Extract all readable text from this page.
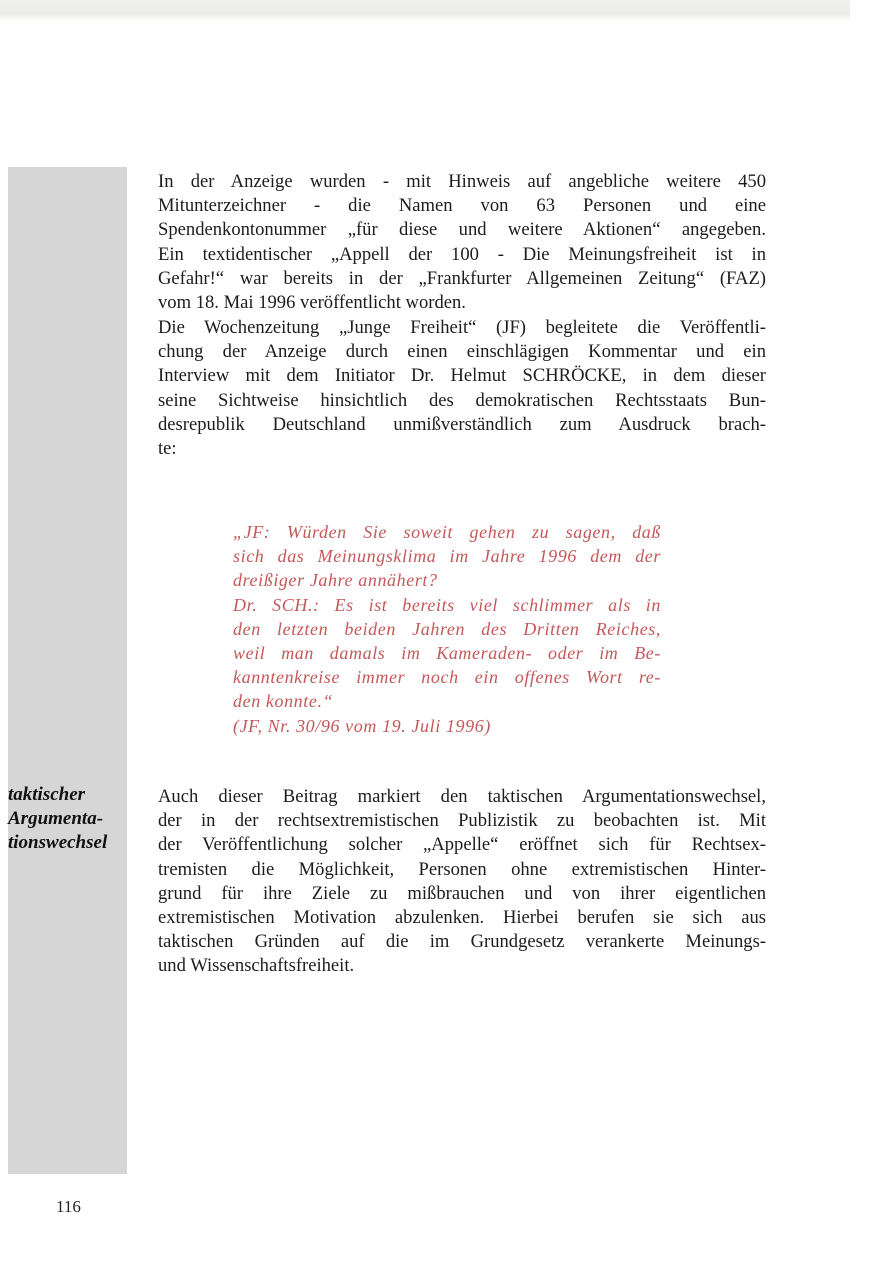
taktischer
Argumenta-
tionswechsel
In der Anzeige wurden - mit Hinweis auf angebliche weitere 450
Mitunterzeichner - die Namen von 63 Personen und eine
Spendenkontonummer „für diese und weitere Aktionen“ angegeben.
Ein textidentischer „Appell der 100 - Die Meinungsfreiheit ist in
Gefahr!“ war bereits in der „Frankfurter Allgemeinen Zeitung“ (FAZ)
vom 18. Mai 1996 veröffentlicht worden.
Die Wochenzeitung „Junge Freiheit“ (JF) begleitete die Veröffentli-
chung der Anzeige durch einen einschlägigen Kommentar und ein
Interview mit dem Initiator Dr. Helmut SCHRÖCKE, in dem dieser
seine Sichtweise hinsichtlich des demokratischen Rechtsstaats Bun-
desrepublik Deutschland unmißverständlich zum Ausdruck brach-
te:
„JF: Würden Sie soweit gehen zu sagen, daß
sich das Meinungsklima im Jahre 1996 dem der
dreißiger Jahre annähert?
Dr. SCH.: Es ist bereits viel schlimmer als in
den letzten beiden Jahren des Dritten Reiches,
weil man damals im Kameraden- oder im Be-
kanntenkreise immer noch ein offenes Wort re-
den konnte.“
(JF, Nr. 30/96 vom 19. Juli 1996)
Auch dieser Beitrag markiert den taktischen Argumentationswechsel,
der in der rechtsextremistischen Publizistik zu beobachten ist. Mit
der Veröffentlichung solcher „Appelle“ eröffnet sich für Rechtsex-
tremisten die Möglichkeit, Personen ohne extremistischen Hinter-
grund für ihre Ziele zu mißbrauchen und von ihrer eigentlichen
extremistischen Motivation abzulenken. Hierbei berufen sie sich aus
taktischen Gründen auf die im Grundgesetz verankerte Meinungs-
und Wissenschaftsfreiheit.
116
